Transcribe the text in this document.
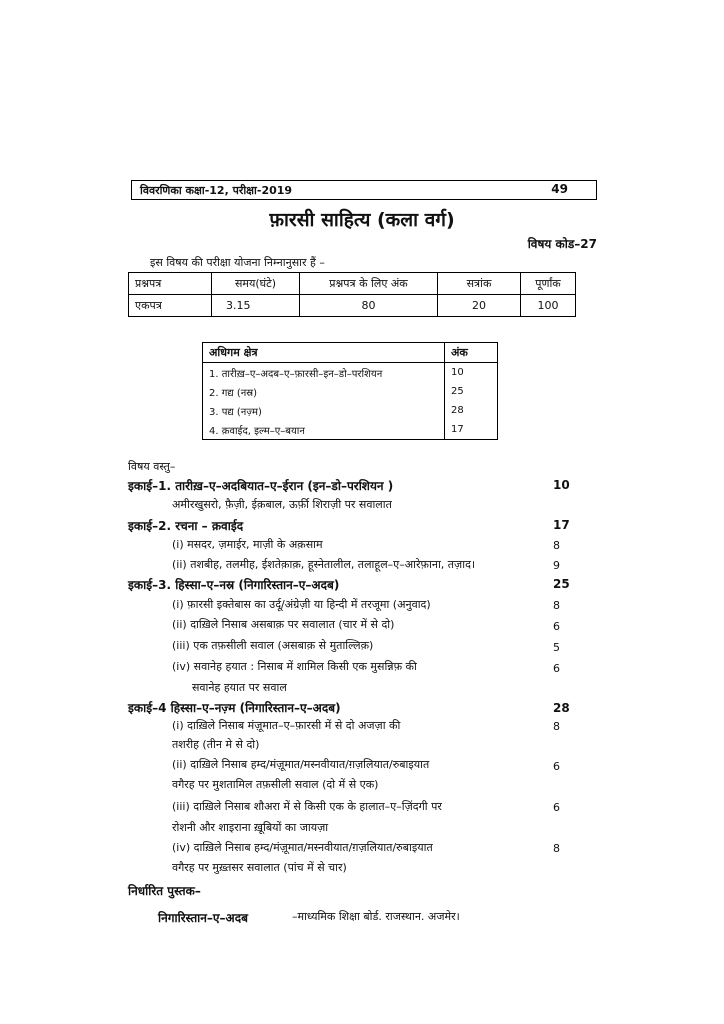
विवरणिका कक्षा-12, परीक्षा-2019	49
फ़ारसी साहित्य (कला वर्ग)
विषय कोड–27
इस विषय की परीक्षा योजना निम्नानुसार हैं –
प्रश्नपत्र	समय(घंटे)	प्रश्नपत्र के लिए अंक	सत्रांक	पूर्णांक
एकपत्र	3.15	80	20	100
अधिगम क्षेत्र	अंक
1. तारीख़–ए–अदब–ए–फ़ारसी–इन–डो–परशियन	10
2. गद्य (नस्र)	25
3. पद्य (नज़्म)	28
4. क़वाईद, इल्म–ए–बयान	17
विषय वस्तु–
इकाई–1. तारीख़–ए–अदबियात–ए–ईरान (इन–डो–परशियन )	10
अमीरखुसरो, फ़ैज़ी, ईक़बाल, ऊर्फ़ी शिराज़ी पर सवालात
इकाई–2. रचना – क़वाईद	17
(i) मसदर, ज़माईर, माज़ी के अक़साम	8
(ii) तशबीह, तलमीह, ईशतेक़ाक़, हूस्नेतालील, तलाहूल–ए–आरेफ़ाना, तज़ाद।	9
इकाई–3. हिस्सा–ए–नस्र (निगारिस्तान–ए–अदब)	25
(i) फ़ारसी इक्तेबास का उर्दू/अंग्रेज़ी या हिन्दी में तरजूमा (अनुवाद)	8
(ii) दाख़िले निसाब असबाक़ पर सवालात (चार में से दो)	6
(iii) एक तफ़सीली सवाल (असबाक़ से मुताल्लिक़)	5
(iv) सवानेह हयात : निसाब में शामिल किसी एक मुसन्निफ़ की	6
सवानेह हयात पर सवाल
इकाई–4 हिस्सा–ए–नज़्म (निगारिस्तान–ए–अदब)	28
(i) दाख़िले निसाब मंज़ूमात–ए–फ़ारसी में से दो अजज़ा की	8
तशरीह (तीन मे से दो)
(ii) दाख़िले निसाब हम्द/मंज़ूमात/मस्नवीयात/ग़ज़लियात/रुबाइयात	6
वगैरह पर मुशतामिल तफ़सीली सवाल (दो में से एक)
(iii) दाख़िले निसाब शौअरा में से किसी एक के हालात–ए–ज़िंदगी पर	6
रोशनी और शाइराना ख़ूबियों का जायज़ा
(iv) दाख़िले निसाब हम्द/मंज़ूमात/मस्नवीयात/ग़ज़लियात/रुबाइयात	8
वगैरह पर मुख़्तसर सवालात (पांच में से चार)
निर्धारित पुस्तक–
निगारिस्तान–ए–अदब	–माध्यमिक शिक्षा बोर्ड. राजस्थान. अजमेर।
